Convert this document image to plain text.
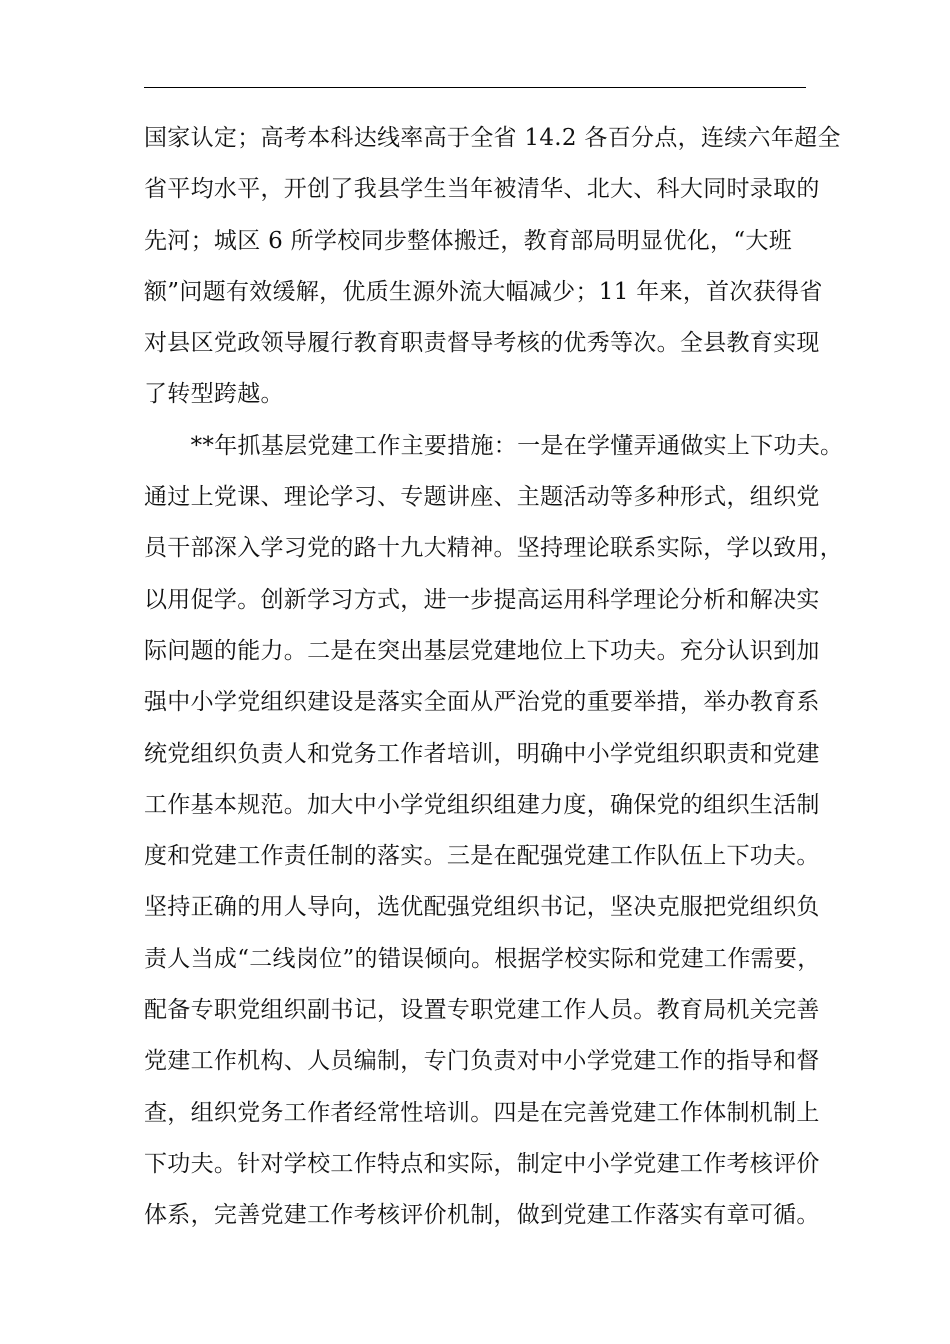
国家认定；高考本科达线率高于全省 14.2 各百分点，连续六年超全
省平均水平，开创了我县学生当年被清华、北大、科大同时录取的
先河；城区 6 所学校同步整体搬迁，教育部局明显优化，“大班
额”问题有效缓解，优质生源外流大幅减少；11 年来，首次获得省
对县区党政领导履行教育职责督导考核的优秀等次。全县教育实现
了转型跨越。
　　**年抓基层党建工作主要措施：一是在学懂弄通做实上下功夫。
通过上党课、理论学习、专题讲座、主题活动等多种形式，组织党
员干部深入学习党的路十九大精神。坚持理论联系实际，学以致用，
以用促学。创新学习方式，进一步提高运用科学理论分析和解决实
际问题的能力。二是在突出基层党建地位上下功夫。充分认识到加
强中小学党组织建设是落实全面从严治党的重要举措，举办教育系
统党组织负责人和党务工作者培训，明确中小学党组织职责和党建
工作基本规范。加大中小学党组织组建力度，确保党的组织生活制
度和党建工作责任制的落实。三是在配强党建工作队伍上下功夫。
坚持正确的用人导向，选优配强党组织书记，坚决克服把党组织负
责人当成“二线岗位”的错误倾向。根据学校实际和党建工作需要，
配备专职党组织副书记，设置专职党建工作人员。教育局机关完善
党建工作机构、人员编制，专门负责对中小学党建工作的指导和督
查，组织党务工作者经常性培训。四是在完善党建工作体制机制上
下功夫。针对学校工作特点和实际，制定中小学党建工作考核评价
体系，完善党建工作考核评价机制，做到党建工作落实有章可循。
